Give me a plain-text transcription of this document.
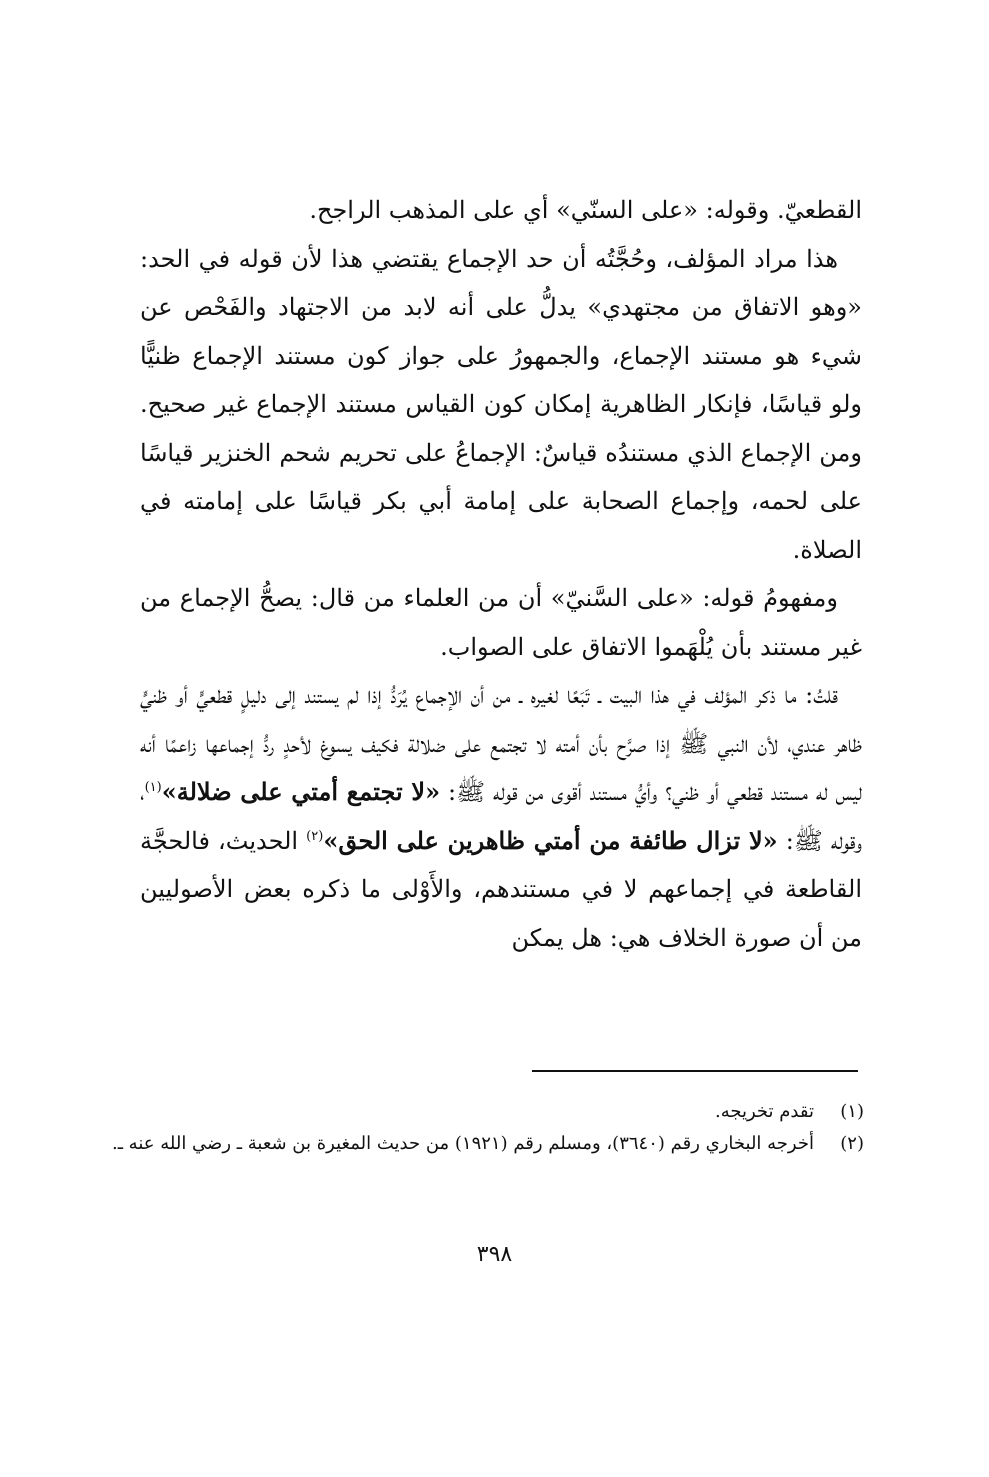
القطعيّ. وقوله: «على السنّي» أي على المذهب الراجح.

هذا مراد المؤلف، وحُجَّتُه أن حد الإجماع يقتضي هذا لأن قوله في الحد: «وهو الاتفاق من مجتهدي» يدلُّ على أنه لابد من الاجتهاد والفَحْص عن شيء هو مستند الإجماع، والجمهورُ على جواز كون مستند الإجماع ظنيًّا ولو قياسًا، فإنكار الظاهرية إمكان كون القياس مستند الإجماع غير صحيح. ومن الإجماع الذي مستندُه قياسٌ: الإجماعُ على تحريم شحم الخنزير قياسًا على لحمه، وإجماع الصحابة على إمامة أبي بكر قياسًا على إمامته في الصلاة.

ومفهومُ قوله: «على السَّنيّ» أن من العلماء من قال: يصحُّ الإجماع من غير مستند بأن يُلْهَموا الاتفاق على الصواب.

قلتُ: ما ذكر المؤلف في هذا البيت ـ تَبَعًا لغيره ـ من أن الإجماع يُرَدُّ إذا لم يستند إلى دليلٍ قطعيٍّ أو ظنيٍّ ظاهر عندي، لأن النبي ﷺ إذا صرَّح بأن أمته لا تجتمع على ضلالة فكيف يسوغ لأحدٍ ردُّ إجماعها زاعمًا أنه ليس له مستند قطعي أو ظني؟ وأيُّ مستند أقوى من قوله ﷺ: «لا تجتمع أمتي على ضلالة»$^{(١)}$، وقوله ﷺ: «لا تزال طائفة من أمتي ظاهرين على الحق»$^{(٢)}$ الحديث، فالحجَّة القاطعة في إجماعهم لا في مستندهم، والأَوْلى ما ذكره بعض الأصوليين من أن صورة الخلاف هي: هل يمكن

(١)
تقدم تخريجه.
(٢)
أخرجه البخاري رقم (٣٦٤٠)، ومسلم رقم (١٩٢١) من حديث المغيرة بن شعبة ـ رضي الله عنه ـ.
٣٩٨
